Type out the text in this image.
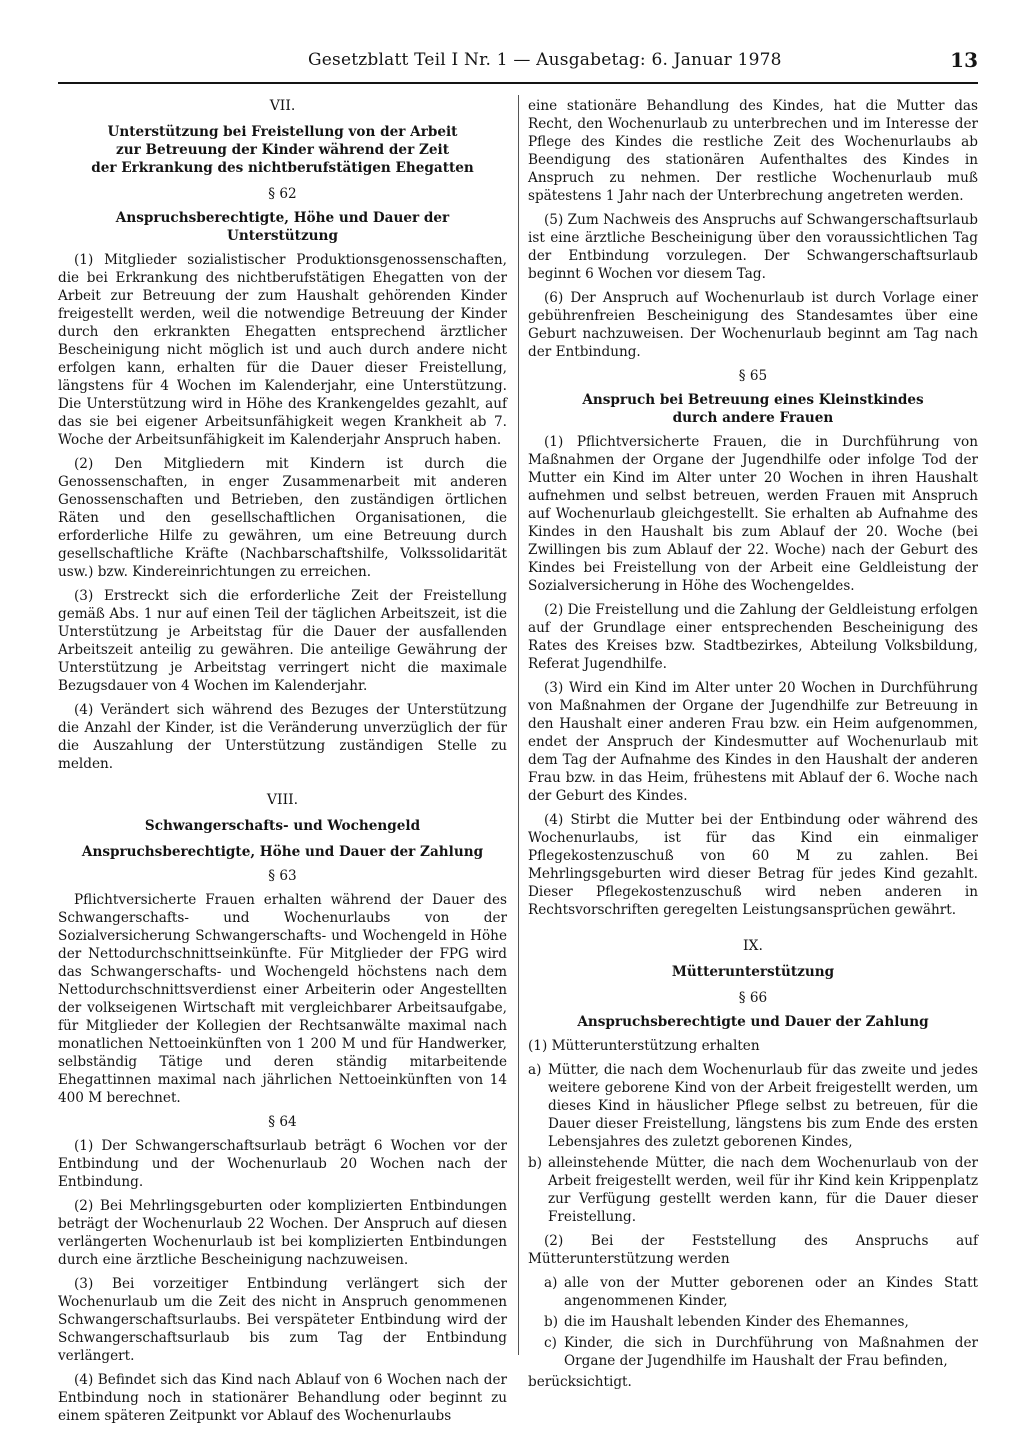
Gesetzblatt Teil I Nr. 1 — Ausgabetag: 6. Januar 1978	13
VII.
Unterstützung bei Freistellung von der Arbeit
zur Betreuung der Kinder während der Zeit
der Erkrankung des nichtberufstätigen Ehegatten
§ 62
Anspruchsberechtigte, Höhe und Dauer der Unterstützung

(1) Mitglieder sozialistischer Produktionsgenossenschaften, die bei Erkrankung des nichtberufstätigen Ehegatten von der Arbeit zur Betreuung der zum Haushalt gehörenden Kinder freigestellt werden, weil die notwendige Betreuung der Kinder durch den erkrankten Ehegatten entsprechend ärztlicher Bescheinigung nicht möglich ist und auch durch andere nicht erfolgen kann, erhalten für die Dauer dieser Freistellung, längstens für 4 Wochen im Kalenderjahr, eine Unterstützung. Die Unterstützung wird in Höhe des Krankengeldes gezahlt, auf das sie bei eigener Arbeitsunfähigkeit wegen Krankheit ab 7. Woche der Arbeitsunfähigkeit im Kalenderjahr Anspruch haben.

(2) Den Mitgliedern mit Kindern ist durch die Genossenschaften, in enger Zusammenarbeit mit anderen Genossenschaften und Betrieben, den zuständigen örtlichen Räten und den gesellschaftlichen Organisationen, die erforderliche Hilfe zu gewähren, um eine Betreuung durch gesellschaftliche Kräfte (Nachbarschaftshilfe, Volkssolidarität usw.) bzw. Kindereinrichtungen zu erreichen.

(3) Erstreckt sich die erforderliche Zeit der Freistellung gemäß Abs. 1 nur auf einen Teil der täglichen Arbeitszeit, ist die Unterstützung je Arbeitstag für die Dauer der ausfallenden Arbeitszeit anteilig zu gewähren. Die anteilige Gewährung der Unterstützung je Arbeitstag verringert nicht die maximale Bezugsdauer von 4 Wochen im Kalenderjahr.

(4) Verändert sich während des Bezuges der Unterstützung die Anzahl der Kinder, ist die Veränderung unverzüglich der für die Auszahlung der Unterstützung zuständigen Stelle zu melden.

VIII.
Schwangerschafts- und Wochengeld
Anspruchsberechtigte, Höhe und Dauer der Zahlung
§ 63

Pflichtversicherte Frauen erhalten während der Dauer des Schwangerschafts- und Wochenurlaubs von der Sozialversicherung Schwangerschafts- und Wochengeld in Höhe der Nettodurchschnittseinkünfte. Für Mitglieder der FPG wird das Schwangerschafts- und Wochengeld höchstens nach dem Nettodurchschnittsverdienst einer Arbeiterin oder Angestellten der volkseigenen Wirtschaft mit vergleichbarer Arbeitsaufgabe, für Mitglieder der Kollegien der Rechtsanwälte maximal nach monatlichen Nettoeinkünften von 1 200 M und für Handwerker, selbständig Tätige und deren ständig mitarbeitende Ehegattinnen maximal nach jährlichen Nettoeinkünften von 14 400 M berechnet.

§ 64

(1) Der Schwangerschaftsurlaub beträgt 6 Wochen vor der Entbindung und der Wochenurlaub 20 Wochen nach der Entbindung.

(2) Bei Mehrlingsgeburten oder komplizierten Entbindungen beträgt der Wochenurlaub 22 Wochen. Der Anspruch auf diesen verlängerten Wochenurlaub ist bei komplizierten Entbindungen durch eine ärztliche Bescheinigung nachzuweisen.

(3) Bei vorzeitiger Entbindung verlängert sich der Wochenurlaub um die Zeit des nicht in Anspruch genommenen Schwangerschaftsurlaubs. Bei verspäteter Entbindung wird der Schwangerschaftsurlaub bis zum Tag der Entbindung verlängert.

(4) Befindet sich das Kind nach Ablauf von 6 Wochen nach der Entbindung noch in stationärer Behandlung oder beginnt zu einem späteren Zeitpunkt vor Ablauf des Wochenurlaubs

eine stationäre Behandlung des Kindes, hat die Mutter das Recht, den Wochenurlaub zu unterbrechen und im Interesse der Pflege des Kindes die restliche Zeit des Wochenurlaubs ab Beendigung des stationären Aufenthaltes des Kindes in Anspruch zu nehmen. Der restliche Wochenurlaub muß spätestens 1 Jahr nach der Unterbrechung angetreten werden.

(5) Zum Nachweis des Anspruchs auf Schwangerschaftsurlaub ist eine ärztliche Bescheinigung über den voraussichtlichen Tag der Entbindung vorzulegen. Der Schwangerschaftsurlaub beginnt 6 Wochen vor diesem Tag.

(6) Der Anspruch auf Wochenurlaub ist durch Vorlage einer gebührenfreien Bescheinigung des Standesamtes über eine Geburt nachzuweisen. Der Wochenurlaub beginnt am Tag nach der Entbindung.

§ 65
Anspruch bei Betreuung eines Kleinstkindes
durch andere Frauen

(1) Pflichtversicherte Frauen, die in Durchführung von Maßnahmen der Organe der Jugendhilfe oder infolge Tod der Mutter ein Kind im Alter unter 20 Wochen in ihren Haushalt aufnehmen und selbst betreuen, werden Frauen mit Anspruch auf Wochenurlaub gleichgestellt. Sie erhalten ab Aufnahme des Kindes in den Haushalt bis zum Ablauf der 20. Woche (bei Zwillingen bis zum Ablauf der 22. Woche) nach der Geburt des Kindes bei Freistellung von der Arbeit eine Geldleistung der Sozialversicherung in Höhe des Wochengeldes.

(2) Die Freistellung und die Zahlung der Geldleistung erfolgen auf der Grundlage einer entsprechenden Bescheinigung des Rates des Kreises bzw. Stadtbezirkes, Abteilung Volksbildung, Referat Jugendhilfe.

(3) Wird ein Kind im Alter unter 20 Wochen in Durchführung von Maßnahmen der Organe der Jugendhilfe zur Betreuung in den Haushalt einer anderen Frau bzw. ein Heim aufgenommen, endet der Anspruch der Kindesmutter auf Wochenurlaub mit dem Tag der Aufnahme des Kindes in den Haushalt der anderen Frau bzw. in das Heim, frühestens mit Ablauf der 6. Woche nach der Geburt des Kindes.

(4) Stirbt die Mutter bei der Entbindung oder während des Wochenurlaubs, ist für das Kind ein einmaliger Pflegekostenzuschuß von 60 M zu zahlen. Bei Mehrlingsgeburten wird dieser Betrag für jedes Kind gezahlt. Dieser Pflegekostenzuschuß wird neben anderen in Rechtsvorschriften geregelten Leistungsansprüchen gewährt.

IX.
Mütterunterstützung
§ 66
Anspruchsberechtigte und Dauer der Zahlung

(1) Mütterunterstützung erhalten

a) Mütter, die nach dem Wochenurlaub für das zweite und jedes weitere geborene Kind von der Arbeit freigestellt werden, um dieses Kind in häuslicher Pflege selbst zu betreuen, für die Dauer dieser Freistellung, längstens bis zum Ende des ersten Lebensjahres des zuletzt geborenen Kindes,
b) alleinstehende Mütter, die nach dem Wochenurlaub von der Arbeit freigestellt werden, weil für ihr Kind kein Krippenplatz zur Verfügung gestellt werden kann, für die Dauer dieser Freistellung.

(2) Bei der Feststellung des Anspruchs auf Mütterunterstützung werden

a) alle von der Mutter geborenen oder an Kindes Statt angenommenen Kinder,
b) die im Haushalt lebenden Kinder des Ehemannes,
c) Kinder, die sich in Durchführung von Maßnahmen der Organe der Jugendhilfe im Haushalt der Frau befinden,

berücksichtigt.
